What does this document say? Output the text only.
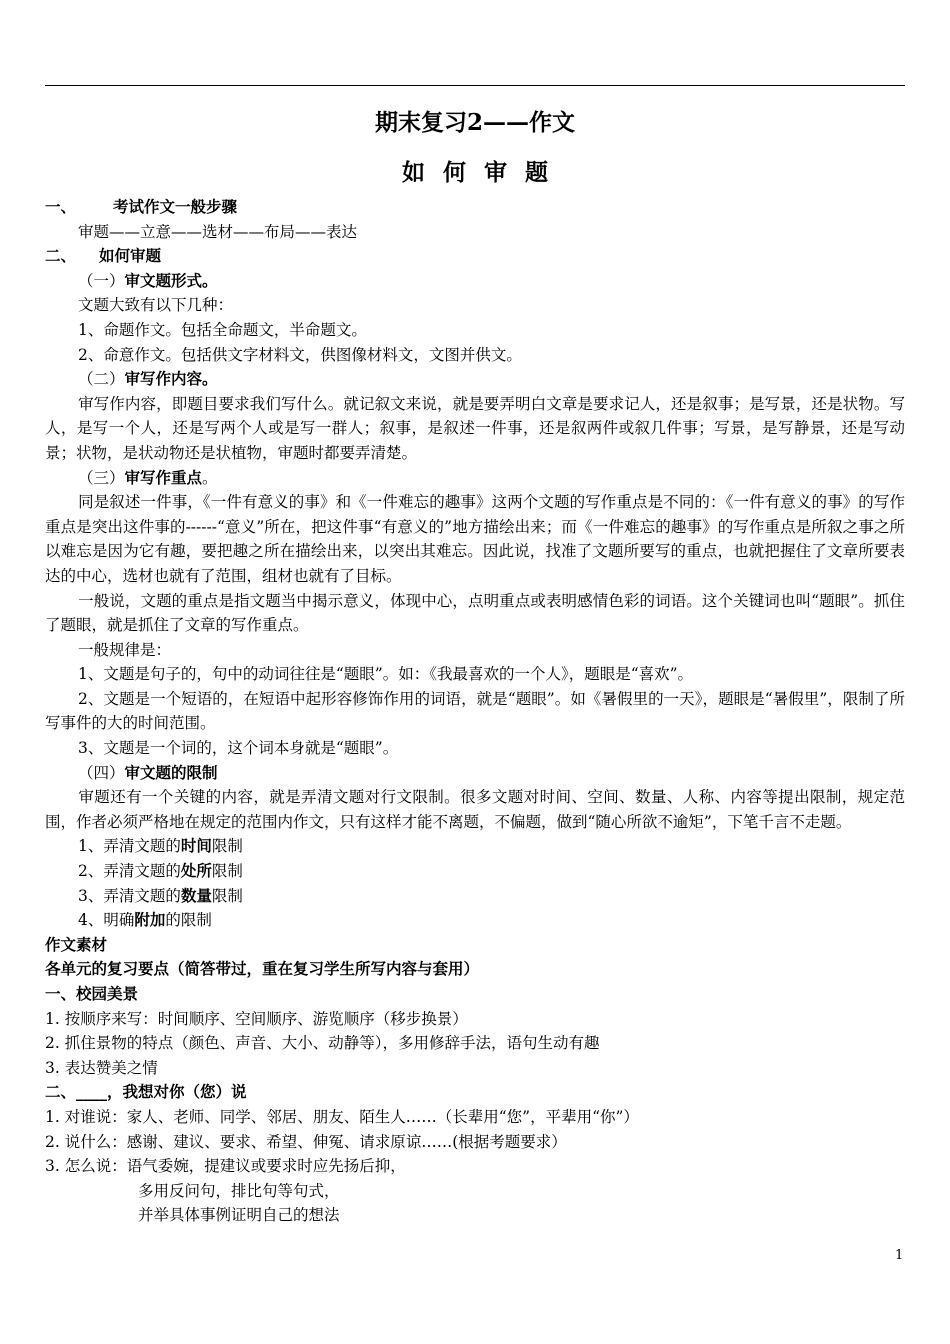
期末复习2——作文
如何审题
一、 考试作文一般步骤
审题——立意——选材——布局——表达
二、 如何审题
（一）审文题形式。
文题大致有以下几种：
1、命题作文。包括全命题文，半命题文。
2、命意作文。包括供文字材料文，供图像材料文，文图并供文。
（二）审写作内容。

审写作内容，即题目要求我们写什么。就记叙文来说，就是要弄明白文章是要求记人，还是叙事；是写景，还是状物。写人，是写一个人，还是写两个人或是写一群人；叙事，是叙述一件事，还是叙两件或叙几件事；写景，是写静景，还是写动景；状物，是状动物还是状植物，审题时都要弄清楚。

（三）审写作重点。

同是叙述一件事，《一件有意义的事》和《一件难忘的趣事》这两个文题的写作重点是不同的：《一件有意义的事》的写作重点是突出这件事的------“意义”所在，把这件事“有意义的”地方描绘出来；而《一件难忘的趣事》的写作重点是所叙之事之所以难忘是因为它有趣，要把趣之所在描绘出来，以突出其难忘。因此说，找准了文题所要写的重点，也就把握住了文章所要表达的中心，选材也就有了范围，组材也就有了目标。

一般说，文题的重点是指文题当中揭示意义，体现中心，点明重点或表明感情色彩的词语。这个关键词也叫“题眼”。抓住了题眼，就是抓住了文章的写作重点。

一般规律是：
1、文题是句子的，句中的动词往往是“题眼”。如：《我最喜欢的一个人》，题眼是“喜欢”。

2、文题是一个短语的，在短语中起形容修饰作用的词语，就是“题眼”。如《暑假里的一天》，题眼是“暑假里”，限制了所写事件的大的时间范围。

3、文题是一个词的，这个词本身就是“题眼”。
（四）审文题的限制

审题还有一个关键的内容，就是弄清文题对行文限制。很多文题对时间、空间、数量、人称、内容等提出限制，规定范围，作者必须严格地在规定的范围内作文，只有这样才能不离题，不偏题，做到“随心所欲不逾矩”，下笔千言不走题。

1、弄清文题的时间限制
2、弄清文题的处所限制
3、弄清文题的数量限制
4、明确附加的限制
作文素材
各单元的复习要点（简答带过，重在复习学生所写内容与套用）
一、校园美景
1. 按顺序来写：时间顺序、空间顺序、游览顺序（移步换景）
2. 抓住景物的特点（颜色、声音、大小、动静等），多用修辞手法，语句生动有趣
3. 表达赞美之情
二、____，我想对你（您）说
1. 对谁说：家人、老师、同学、邻居、朋友、陌生人……（长辈用“您”，平辈用“你”）
2. 说什么：感谢、建议、要求、希望、伸冤、请求原谅……(根据考题要求）
3. 怎么说：语气委婉，提建议或要求时应先扬后抑，
多用反问句，排比句等句式，
并举具体事例证明自己的想法
1
